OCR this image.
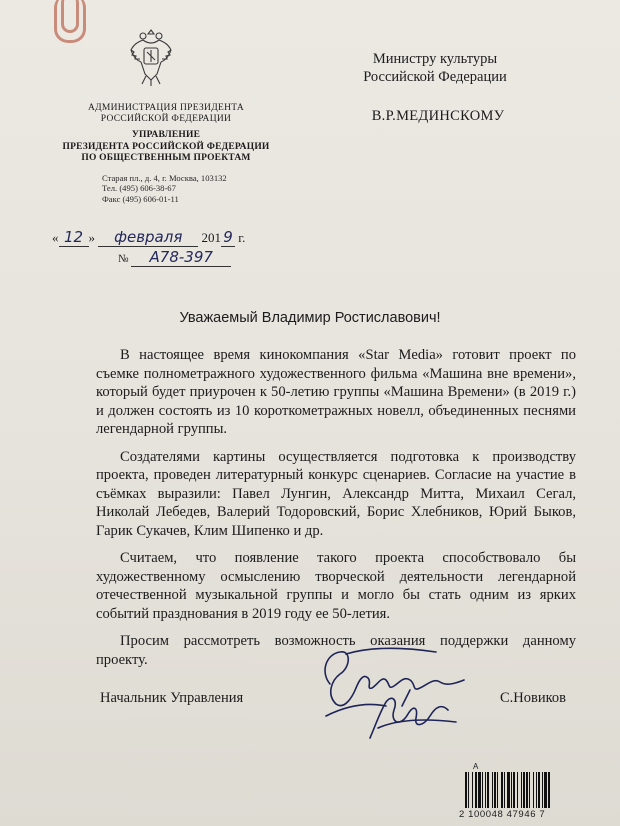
АДМИНИСТРАЦИЯ ПРЕЗИДЕНТА
РОССИЙСКОЙ ФЕДЕРАЦИИ
УПРАВЛЕНИЕ
ПРЕЗИДЕНТА РОССИЙСКОЙ ФЕДЕРАЦИИ
ПО ОБЩЕСТВЕННЫМ ПРОЕКТАМ
Старая пл., д. 4, г. Москва, 103132
Тел. (495) 606-38-67
Факс (495) 606-01-11
« 12 » февраля 201 9 г.
№ А78-397
Министру культуры
Российской Федерации
В.Р.МЕДИНСКОМУ
Уважаемый Владимир Ростиславович!

В настоящее время кинокомпания «Star Media» готовит проект по съемке полнометражного художественного фильма «Машина вне времени», который будет приурочен к 50-летию группы «Машина Времени» (в 2019 г.) и должен состоять из 10 короткометражных новелл, объединенных песнями легендарной группы.

Создателями картины осуществляется подготовка к производству проекта, проведен литературный конкурс сценариев. Согласие на участие в съёмках выразили: Павел Лунгин, Александр Митта, Михаил Сегал, Николай Лебедев, Валерий Тодоровский, Борис Хлебников, Юрий Быков, Гарик Сукачев, Клим Шипенко и др.

Считаем, что появление такого проекта способствовало бы художественному осмыслению творческой деятельности легендарной отечественной музыкальной группы и могло бы стать одним из ярких событий празднования в 2019 году ее 50-летия.

Просим рассмотреть возможность оказания поддержки данному проекту.

Начальник Управления	С.Новиков
А
2 100048 47946 7
